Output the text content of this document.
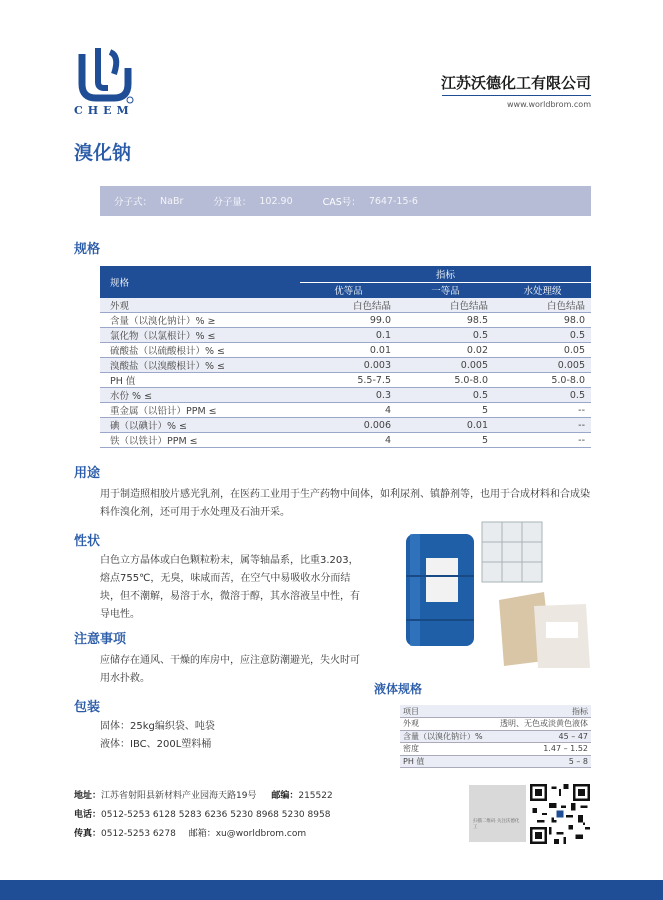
CHEM
江苏沃德化工有限公司
www.worldbrom.com
溴化钠
分子式： NaBr	分子量： 102.90	CAS号： 7647-15-6
规格
规格	指标		
	优等品	一等品	水处理级
外观	白色结晶	白色结晶	白色结晶
含量（以溴化钠计）% ≥	99.0	98.5	98.0
氯化物（以氯根计）% ≤	0.1	0.5	0.5
硫酸盐（以硫酸根计）% ≤	0.01	0.02	0.05
溴酸盐（以溴酸根计）% ≤	0.003	0.005	0.005
PH 值	5.5-7.5	5.0-8.0	5.0-8.0
水份 % ≤	0.3	0.5	0.5
重金属（以铅计）PPM ≤	4	5	--
碘（以碘计）% ≤	0.006	0.01	--
铁（以铁计）PPM ≤	4	5	--
用途
用于制造照相胶片感光乳剂，在医药工业用于生产药物中间体，如利尿剂、镇静剂等，也用于合成材料和合成染料作溴化剂，还可用于水处理及石油开采。
性状
白色立方晶体或白色颗粒粉末，属等轴晶系，比重3.203，熔点755℃，无臭，味咸而苦，在空气中易吸收水分而结块，但不潮解，易溶于水，微溶于醇，其水溶液呈中性，有导电性。
注意事项
应储存在通风、干燥的库房中，应注意防潮避光，失火时可用水扑救。
液体规格
项目	指标
外观	透明、无色或淡黄色液体
含量（以溴化钠计）%	45 – 47
密度	1.47 – 1.52
PH 值	5 – 8
包装
固体：25kg编织袋、吨袋
液体：IBC、200L塑料桶
地址：江苏省射阳县新材料产业园海天路19号 邮编：215522
电话：0512-5253 6128 5283 6236 5230 8968 5230 8958
传真：0512-5253 6278 邮箱：xu@worldbrom.com
扫描二维码 关注沃德化工
